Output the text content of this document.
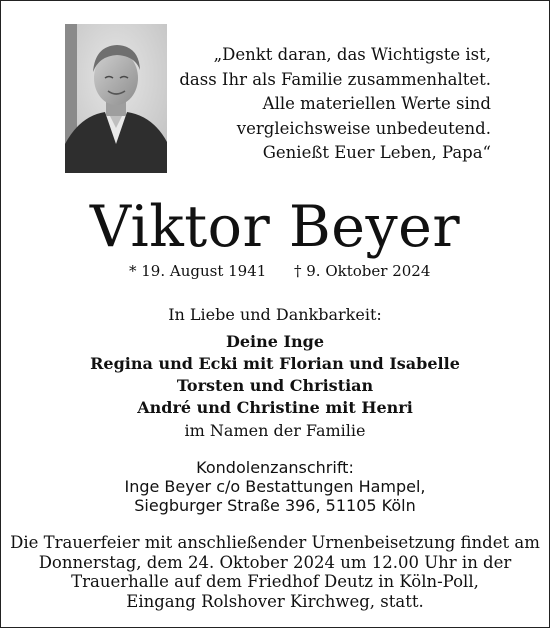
„Denkt daran, das Wichtigste ist,
dass Ihr als Familie zusammenhaltet.
Alle materiellen Werte sind
vergleichsweise unbedeutend.
Genießt Euer Leben, Papa“
Viktor Beyer
* 19. August 1941 † 9. Oktober 2024
In Liebe und Dankbarkeit:
Deine Inge
Regina und Ecki mit Florian und Isabelle
Torsten und Christian
André und Christine mit Henri
im Namen der Familie
Kondolenzanschrift:
Inge Beyer c/o Bestattungen Hampel,
Siegburger Straße 396, 51105 Köln
Die Trauerfeier mit anschließender Urnenbeisetzung findet am
Donnerstag, dem 24. Oktober 2024 um 12.00 Uhr in der
Trauerhalle auf dem Friedhof Deutz in Köln-Poll,
Eingang Rolshover Kirchweg, statt.
